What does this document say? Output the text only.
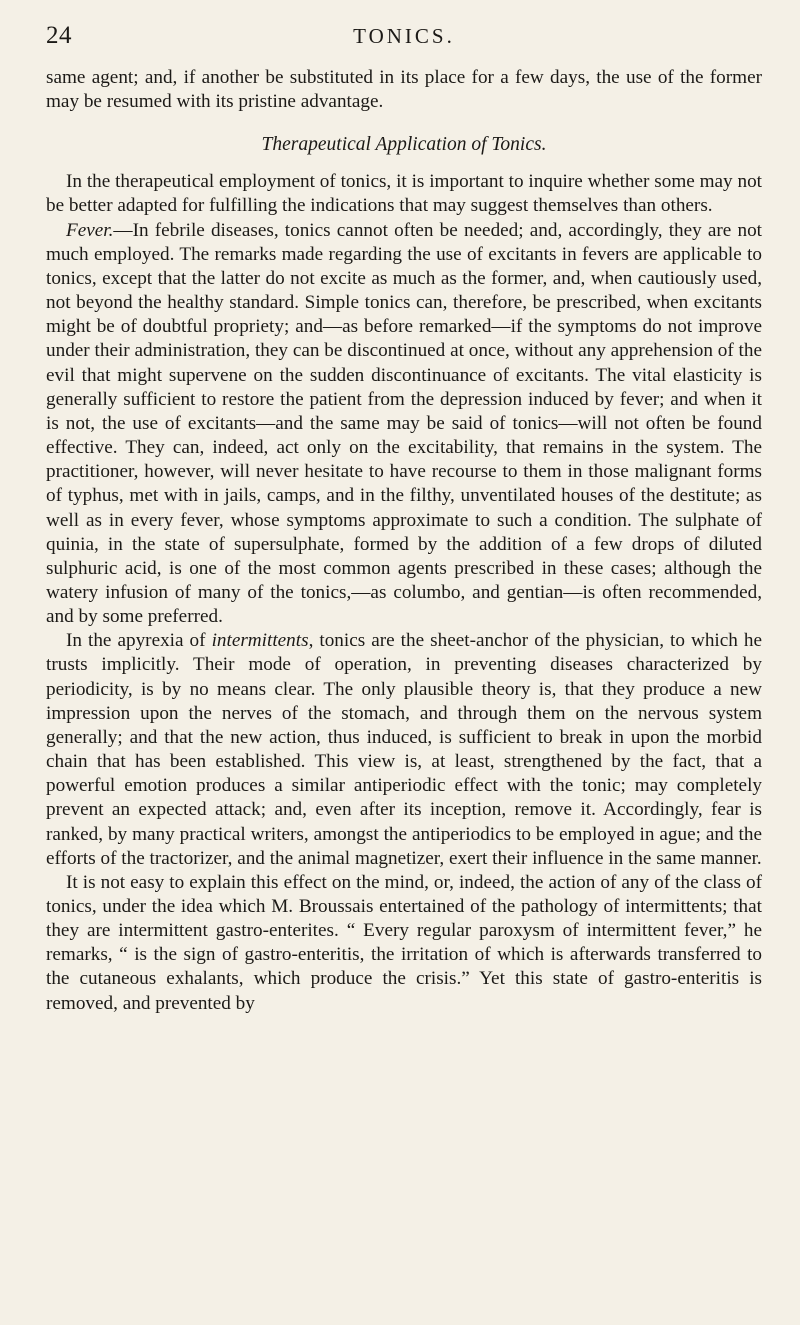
24	TONICS.

same agent; and, if another be substituted in its place for a few days, the use of the former may be resumed with its pristine advantage.

Therapeutical Application of Tonics.

In the therapeutical employment of tonics, it is important to inquire whether some may not be better adapted for fulfilling the indications that may suggest themselves than others.

Fever.—In febrile diseases, tonics cannot often be needed; and, accordingly, they are not much employed. The remarks made regarding the use of excitants in fevers are applicable to tonics, except that the latter do not excite as much as the former, and, when cautiously used, not beyond the healthy standard. Simple tonics can, therefore, be prescribed, when excitants might be of doubtful propriety; and—as before remarked—if the symptoms do not improve under their administration, they can be discontinued at once, without any apprehension of the evil that might supervene on the sudden discontinuance of excitants. The vital elasticity is generally sufficient to restore the patient from the depression induced by fever; and when it is not, the use of excitants—and the same may be said of tonics—will not often be found effective. They can, indeed, act only on the excitability, that remains in the system. The practitioner, however, will never hesitate to have recourse to them in those malignant forms of typhus, met with in jails, camps, and in the filthy, unventilated houses of the destitute; as well as in every fever, whose symptoms approximate to such a condition. The sulphate of quinia, in the state of supersulphate, formed by the addition of a few drops of diluted sulphuric acid, is one of the most common agents prescribed in these cases; although the watery infusion of many of the tonics,—as columbo, and gentian—is often recommended, and by some preferred.

In the apyrexia of intermittents, tonics are the sheet-anchor of the physician, to which he trusts implicitly. Their mode of operation, in preventing diseases characterized by periodicity, is by no means clear. The only plausible theory is, that they produce a new impression upon the nerves of the stomach, and through them on the nervous system generally; and that the new action, thus induced, is sufficient to break in upon the morbid chain that has been established. This view is, at least, strengthened by the fact, that a powerful emotion produces a similar antiperiodic effect with the tonic; may completely prevent an expected attack; and, even after its inception, remove it. Accordingly, fear is ranked, by many practical writers, amongst the antiperiodics to be employed in ague; and the efforts of the tractorizer, and the animal magnetizer, exert their influence in the same manner.

It is not easy to explain this effect on the mind, or, indeed, the action of any of the class of tonics, under the idea which M. Broussais entertained of the pathology of intermittents; that they are intermittent gastro-enterites. “ Every regular paroxysm of intermittent fever,” he remarks, “ is the sign of gastro-enteritis, the irritation of which is afterwards transferred to the cutaneous exhalants, which produce the crisis.” Yet this state of gastro-enteritis is removed, and prevented by
